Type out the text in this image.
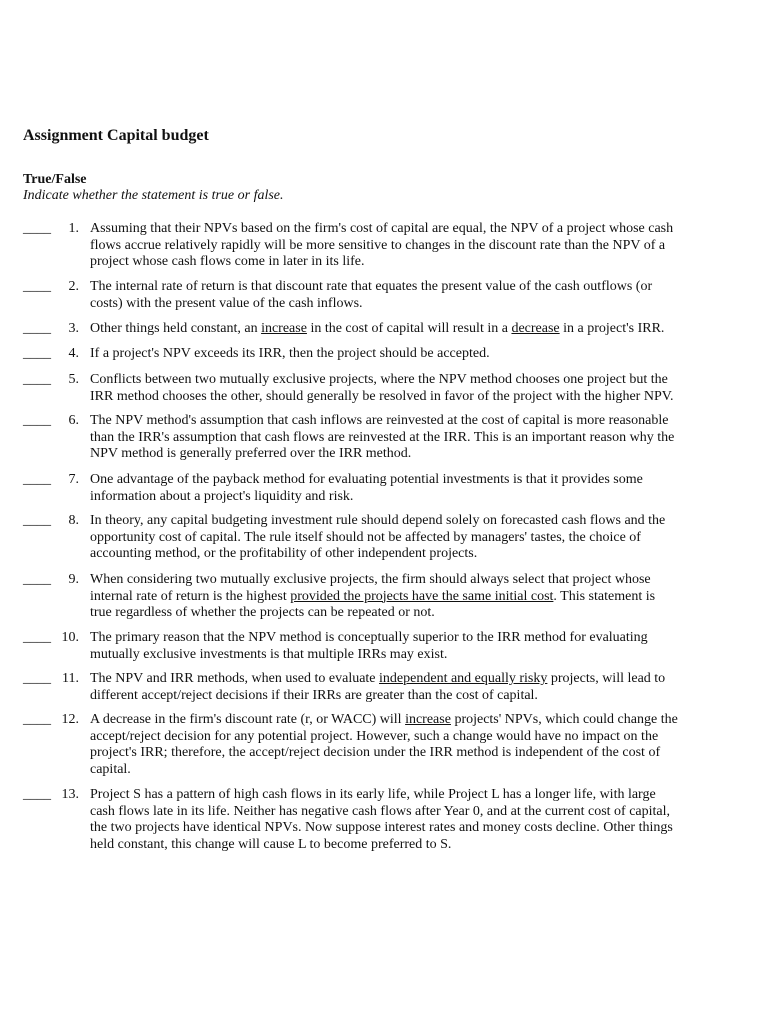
Assignment Capital budget
True/False
Indicate whether the statement is true or false.
____	1. Assuming that their NPVs based on the firm's cost of capital are equal, the NPV of a project whose cash flows accrue relatively rapidly will be more sensitive to changes in the discount rate than the NPV of a project whose cash flows come in later in its life.
____	2. The internal rate of return is that discount rate that equates the present value of the cash outflows (or costs) with the present value of the cash inflows.
____	3. Other things held constant, an increase in the cost of capital will result in a decrease in a project's IRR.
____	4. If a project's NPV exceeds its IRR, then the project should be accepted.
____	5. Conflicts between two mutually exclusive projects, where the NPV method chooses one project but the IRR method chooses the other, should generally be resolved in favor of the project with the higher NPV.
____	6. The NPV method's assumption that cash inflows are reinvested at the cost of capital is more reasonable than the IRR's assumption that cash flows are reinvested at the IRR. This is an important reason why the NPV method is generally preferred over the IRR method.
____	7. One advantage of the payback method for evaluating potential investments is that it provides some information about a project's liquidity and risk.
____	8. In theory, any capital budgeting investment rule should depend solely on forecasted cash flows and the opportunity cost of capital. The rule itself should not be affected by managers' tastes, the choice of accounting method, or the profitability of other independent projects.
____	9. When considering two mutually exclusive projects, the firm should always select that project whose internal rate of return is the highest provided the projects have the same initial cost. This statement is true regardless of whether the projects can be repeated or not.
____ 10. The primary reason that the NPV method is conceptually superior to the IRR method for evaluating mutually exclusive investments is that multiple IRRs may exist.
____ 11. The NPV and IRR methods, when used to evaluate independent and equally risky projects, will lead to different accept/reject decisions if their IRRs are greater than the cost of capital.
____ 12. A decrease in the firm's discount rate (r, or WACC) will increase projects' NPVs, which could change the accept/reject decision for any potential project. However, such a change would have no impact on the project's IRR; therefore, the accept/reject decision under the IRR method is independent of the cost of capital.
____ 13. Project S has a pattern of high cash flows in its early life, while Project L has a longer life, with large cash flows late in its life. Neither has negative cash flows after Year 0, and at the current cost of capital, the two projects have identical NPVs. Now suppose interest rates and money costs decline. Other things held constant, this change will cause L to become preferred to S.
